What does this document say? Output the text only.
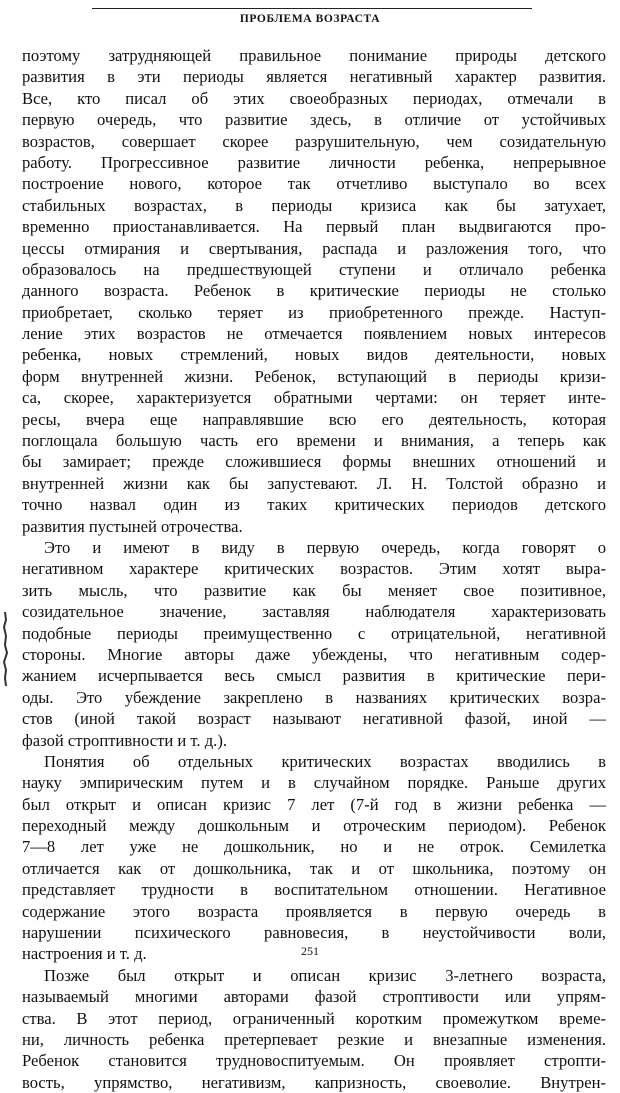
ПРОБЛЕМА ВОЗРАСТА
поэтому затрудняющей правильное понимание природы детского
развития в эти периоды является негативный характер развития.
Все, кто писал об этих своеобразных периодах, отмечали в
первую очередь, что развитие здесь, в отличие от устойчивых
возрастов, совершает скорее разрушительную, чем созидательную
работу. Прогрессивное развитие личности ребенка, непрерывное
построение нового, которое так отчетливо выступало во всех
стабильных возрастах, в периоды кризиса как бы затухает,
временно приостанавливается. На первый план выдвигаются про-
цессы отмирания и свертывания, распада и разложения того, что
образовалось на предшествующей ступени и отличало ребенка
данного возраста. Ребенок в критические периоды не столько
приобретает, сколько теряет из приобретенного прежде. Наступ-
ление этих возрастов не отмечается появлением новых интересов
ребенка, новых стремлений, новых видов деятельности, новых
форм внутренней жизни. Ребенок, вступающий в периоды кризи-
са, скорее, характеризуется обратными чертами: он теряет инте-
ресы, вчера еще направлявшие всю его деятельность, которая
поглощала большую часть его времени и внимания, а теперь как
бы замирает; прежде сложившиеся формы внешних отношений и
внутренней жизни как бы запустевают. Л. Н. Толстой образно и
точно назвал один из таких критических периодов детского
развития пустыней отрочества.
Это и имеют в виду в первую очередь, когда говорят о
негативном характере критических возрастов. Этим хотят выра-
зить мысль, что развитие как бы меняет свое позитивное,
созидательное значение, заставляя наблюдателя характеризовать
подобные периоды преимущественно с отрицательной, негативной
стороны. Многие авторы даже убеждены, что негативным содер-
жанием исчерпывается весь смысл развития в критические пери-
оды. Это убеждение закреплено в названиях критических возра-
стов (иной такой возраст называют негативной фазой, иной —
фазой строптивности и т. д.).
Понятия об отдельных критических возрастах вводились в
науку эмпирическим путем и в случайном порядке. Раньше других
был открыт и описан кризис 7 лет (7-й год в жизни ребенка —
переходный между дошкольным и отроческим периодом). Ребенок
7—8 лет уже не дошкольник, но и не отрок. Семилетка
отличается как от дошкольника, так и от школьника, поэтому он
представляет трудности в воспитательном отношении. Негативное
содержание этого возраста проявляется в первую очередь в
нарушении психического равновесия, в неустойчивости воли,
настроения и т. д.
Позже был открыт и описан кризис 3-летнего возраста,
называемый многими авторами фазой строптивости или упрям-
ства. В этот период, ограниченный коротким промежутком време-
ни, личность ребенка претерпевает резкие и внезапные изменения.
Ребенок становится трудновоспитуемым. Он проявляет стропти-
вость, упрямство, негативизм, капризность, своеволие. Внутрен-
251
